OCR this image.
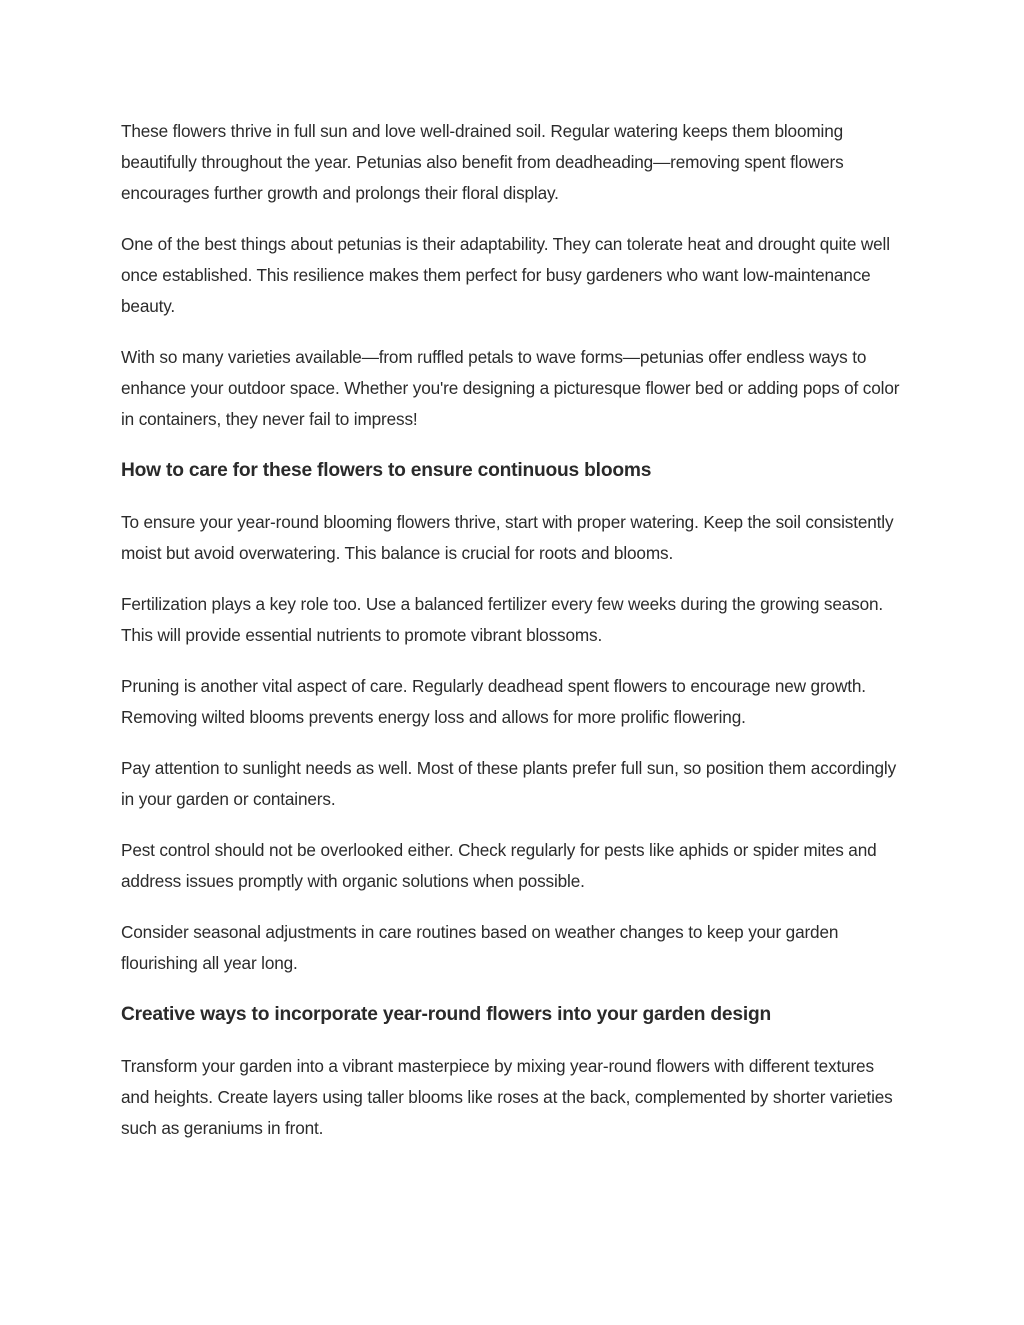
These flowers thrive in full sun and love well-drained soil. Regular watering keeps them blooming beautifully throughout the year. Petunias also benefit from deadheading—removing spent flowers encourages further growth and prolongs their floral display.

One of the best things about petunias is their adaptability. They can tolerate heat and drought quite well once established. This resilience makes them perfect for busy gardeners who want low-maintenance beauty.

With so many varieties available—from ruffled petals to wave forms—petunias offer endless ways to enhance your outdoor space. Whether you're designing a picturesque flower bed or adding pops of color in containers, they never fail to impress!

How to care for these flowers to ensure continuous blooms

To ensure your year-round blooming flowers thrive, start with proper watering. Keep the soil consistently moist but avoid overwatering. This balance is crucial for roots and blooms.

Fertilization plays a key role too. Use a balanced fertilizer every few weeks during the growing season. This will provide essential nutrients to promote vibrant blossoms.

Pruning is another vital aspect of care. Regularly deadhead spent flowers to encourage new growth. Removing wilted blooms prevents energy loss and allows for more prolific flowering.

Pay attention to sunlight needs as well. Most of these plants prefer full sun, so position them accordingly in your garden or containers.

Pest control should not be overlooked either. Check regularly for pests like aphids or spider mites and address issues promptly with organic solutions when possible.

Consider seasonal adjustments in care routines based on weather changes to keep your garden flourishing all year long.

Creative ways to incorporate year-round flowers into your garden design

Transform your garden into a vibrant masterpiece by mixing year-round flowers with different textures and heights. Create layers using taller blooms like roses at the back, complemented by shorter varieties such as geraniums in front.
